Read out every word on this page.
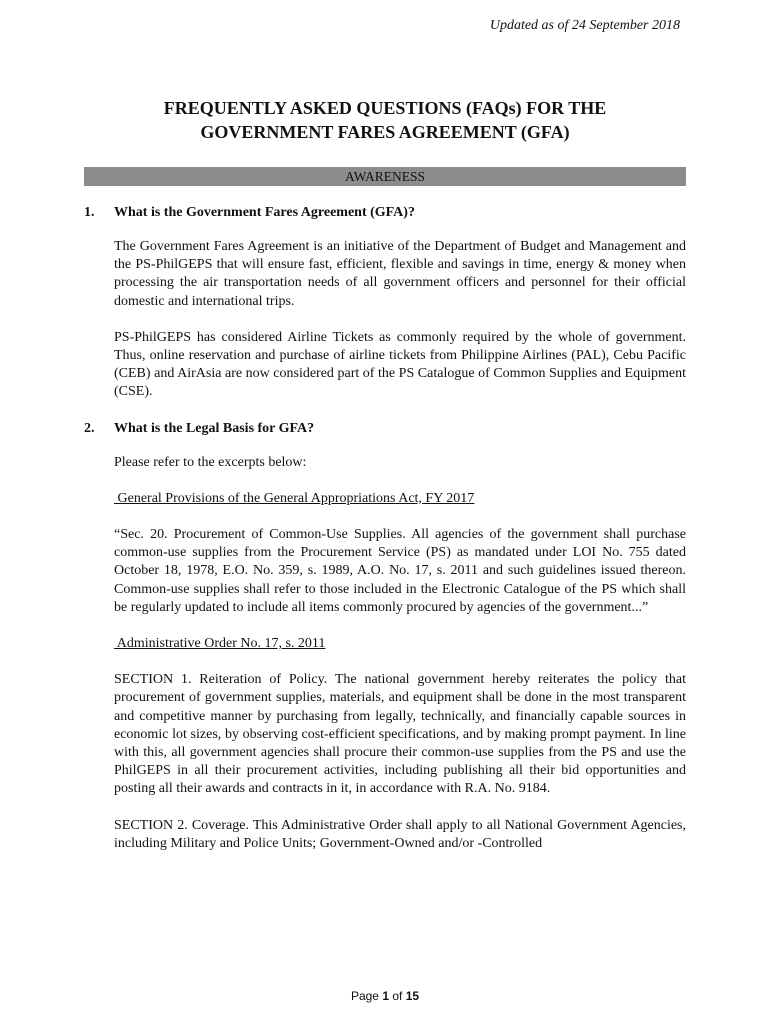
Updated as of 24 September 2018
FREQUENTLY ASKED QUESTIONS (FAQs) FOR THE
GOVERNMENT FARES AGREEMENT (GFA)
AWARENESS
1.	What is the Government Fares Agreement (GFA)?

The Government Fares Agreement is an initiative of the Department of Budget and Management and the PS-PhilGEPS that will ensure fast, efficient, flexible and savings in time, energy & money when processing the air transportation needs of all government officers and personnel for their official domestic and international trips.

PS-PhilGEPS has considered Airline Tickets as commonly required by the whole of government. Thus, online reservation and purchase of airline tickets from Philippine Airlines (PAL), Cebu Pacific (CEB) and AirAsia are now considered part of the PS Catalogue of Common Supplies and Equipment (CSE).

2.	What is the Legal Basis for GFA?

Please refer to the excerpts below:

General Provisions of the General Appropriations Act, FY 2017

“Sec. 20. Procurement of Common-Use Supplies. All agencies of the government shall purchase common-use supplies from the Procurement Service (PS) as mandated under LOI No. 755 dated October 18, 1978, E.O. No. 359, s. 1989, A.O. No. 17, s. 2011 and such guidelines issued thereon. Common-use supplies shall refer to those included in the Electronic Catalogue of the PS which shall be regularly updated to include all items commonly procured by agencies of the government...”

Administrative Order No. 17, s. 2011

SECTION 1. Reiteration of Policy. The national government hereby reiterates the policy that procurement of government supplies, materials, and equipment shall be done in the most transparent and competitive manner by purchasing from legally, technically, and financially capable sources in economic lot sizes, by observing cost-efficient specifications, and by making prompt payment. In line with this, all government agencies shall procure their common-use supplies from the PS and use the PhilGEPS in all their procurement activities, including publishing all their bid opportunities and posting all their awards and contracts in it, in accordance with R.A. No. 9184.

SECTION 2. Coverage. This Administrative Order shall apply to all National Government Agencies, including Military and Police Units; Government-Owned and/or -Controlled

Page 1 of 15
